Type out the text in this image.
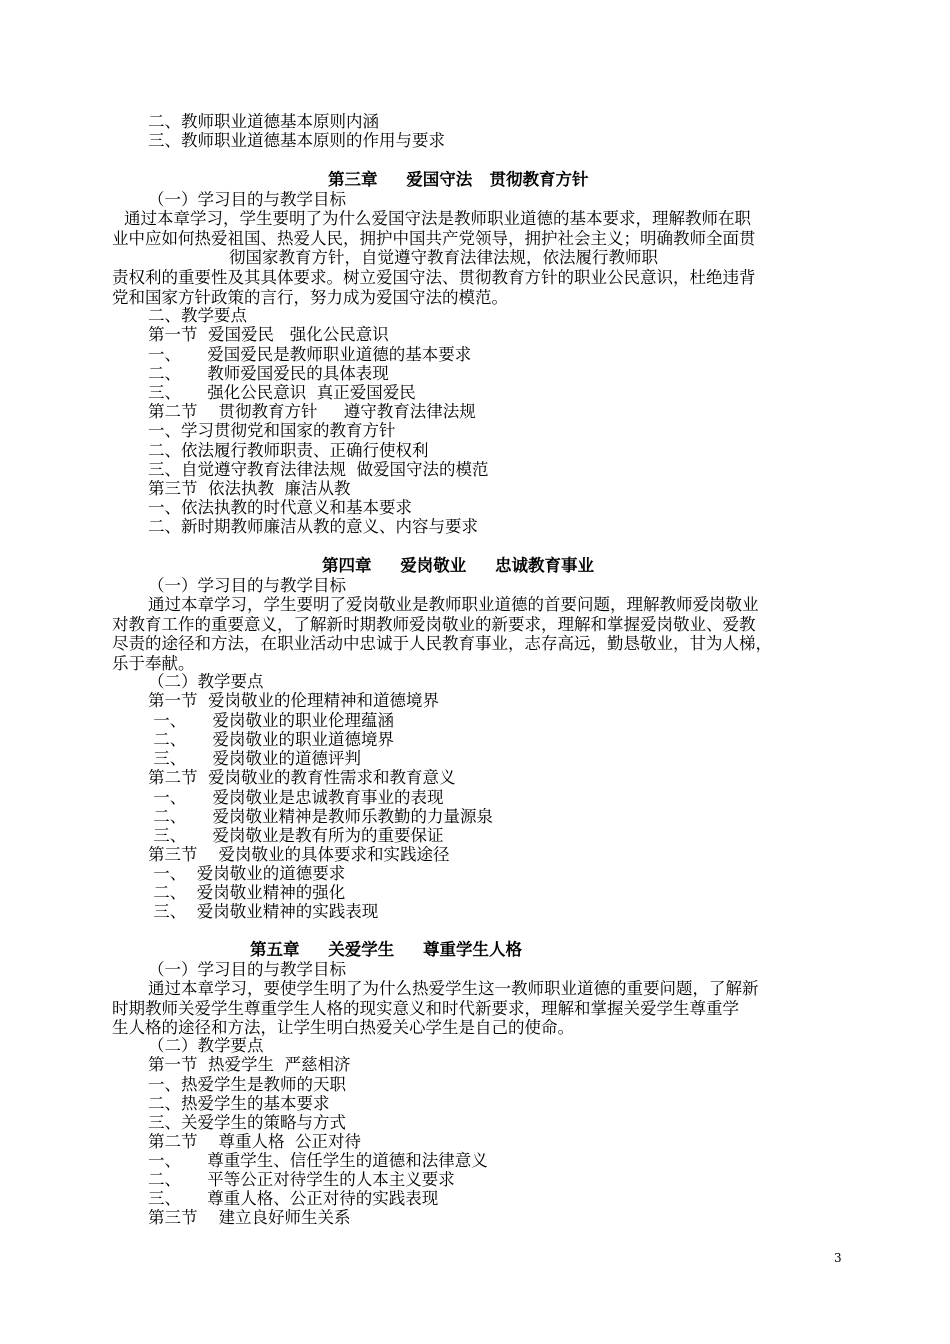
二、教师职业道德基本原则内涵
三、教师职业道德基本原则的作用与要求
第三章     爱国守法   贯彻教育方针
（一）学习目的与教学目标
通过本章学习，学生要明了为什么爱国守法是教师职业道德的基本要求，理解教师在职
业中应如何热爱祖国、热爱人民，拥护中国共产党领导，拥护社会主义；明确教师全面贯
彻国家教育方针，自觉遵守教育法律法规，依法履行教师职
责权利的重要性及其具体要求。树立爱国守法、贯彻教育方针的职业公民意识，杜绝违背
党和国家方针政策的言行，努力成为爱国守法的模范。
二、教学要点
第一节  爱国爱民   强化公民意识
一、     爱国爱民是教师职业道德的基本要求
二、     教师爱国爱民的具体表现
三、     强化公民意识  真正爱国爱民
第二节    贯彻教育方针     遵守教育法律法规
一、学习贯彻党和国家的教育方针
二、依法履行教师职责、正确行使权利
三、自觉遵守教育法律法规  做爱国守法的模范
第三节  依法执教  廉洁从教
一、依法执教的时代意义和基本要求
二、新时期教师廉洁从教的意义、内容与要求
第四章     爱岗敬业     忠诚教育事业
（一）学习目的与教学目标
通过本章学习，学生要明了爱岗敬业是教师职业道德的首要问题，理解教师爱岗敬业
对教育工作的重要意义，了解新时期教师爱岗敬业的新要求，理解和掌握爱岗敬业、爱教
尽责的途径和方法，在职业活动中忠诚于人民教育事业，志存高远，勤恳敬业，甘为人梯，
乐于奉献。
（二）教学要点
第一节  爱岗敬业的伦理精神和道德境界
一、     爱岗敬业的职业伦理蕴涵
二、     爱岗敬业的职业道德境界
三、     爱岗敬业的道德评判
第二节  爱岗敬业的教育性需求和教育意义
一、     爱岗敬业是忠诚教育事业的表现
二、     爱岗敬业精神是教师乐教勤的力量源泉
三、     爱岗敬业是教有所为的重要保证
第三节    爱岗敬业的具体要求和实践途径
一、  爱岗敬业的道德要求
二、  爱岗敬业精神的强化
三、  爱岗敬业精神的实践表现
第五章     关爱学生     尊重学生人格
（一）学习目的与教学目标
通过本章学习，要使学生明了为什么热爱学生这一教师职业道德的重要问题，了解新
时期教师关爱学生尊重学生人格的现实意义和时代新要求，理解和掌握关爱学生尊重学
生人格的途径和方法，让学生明白热爱关心学生是自己的使命。
（二）教学要点
第一节  热爱学生  严慈相济
一、热爱学生是教师的天职
二、热爱学生的基本要求
三、关爱学生的策略与方式
第二节    尊重人格  公正对待
一、     尊重学生、信任学生的道德和法律意义
二、     平等公正对待学生的人本主义要求
三、     尊重人格、公正对待的实践表现
第三节    建立良好师生关系
3
